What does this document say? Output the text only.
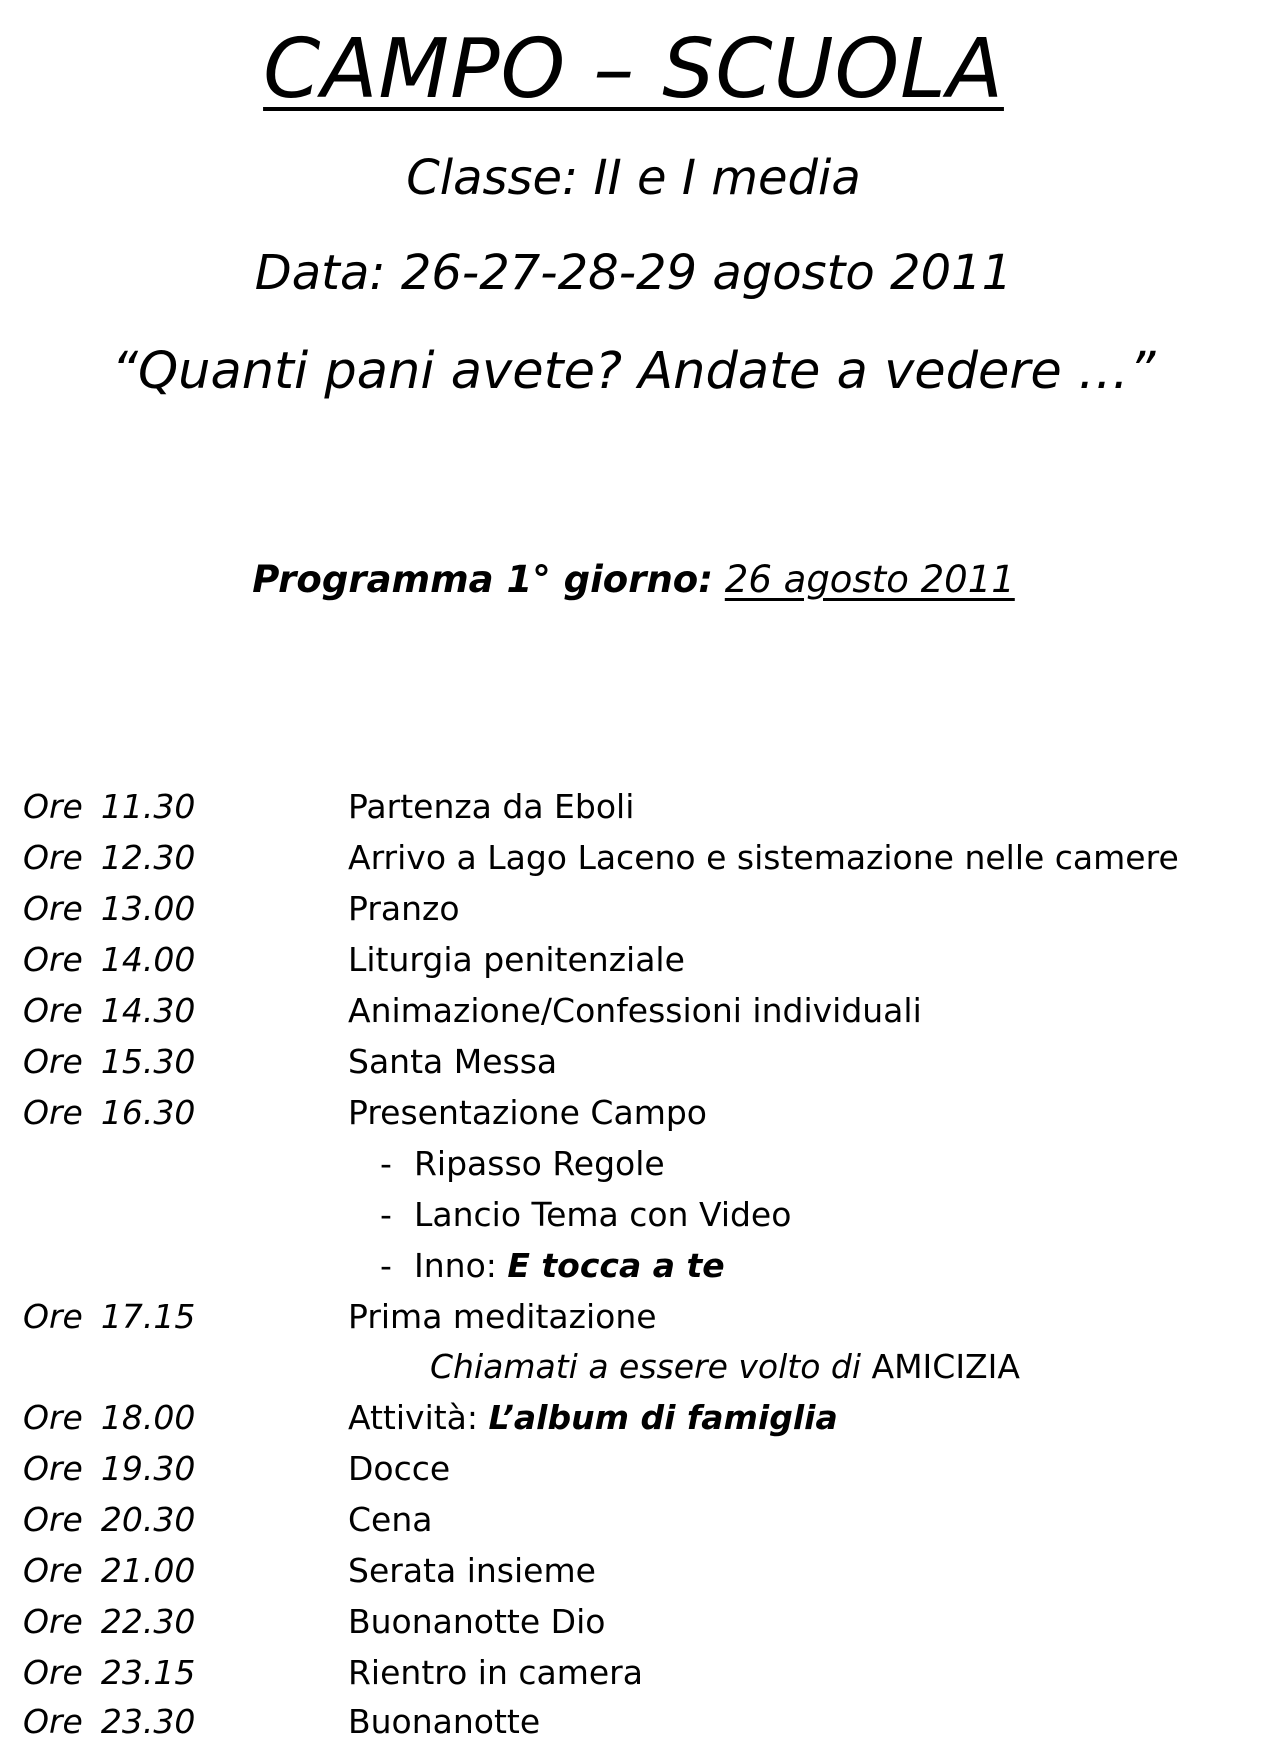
CAMPO – SCUOLA
Classe: II e I media
Data: 26-27-28-29 agosto 2011
“Quanti pani avete? Andate a vedere …”
Programma 1° giorno: 26 agosto 2011
Ore 11.30	Partenza da Eboli
Ore 12.30	Arrivo a Lago Laceno e sistemazione nelle camere
Ore 13.00	Pranzo
Ore 14.00	Liturgia penitenziale
Ore 14.30	Animazione/Confessioni individuali
Ore 15.30	Santa Messa
Ore 16.30	Presentazione Campo
- Ripasso Regole
- Lancio Tema con Video
- Inno: E tocca a te
Ore 17.15	Prima meditazione
Chiamati a essere volto di AMICIZIA
Ore 18.00	Attività: L’album di famiglia
Ore 19.30	Docce
Ore 20.30	Cena
Ore 21.00	Serata insieme
Ore 22.30	Buonanotte Dio
Ore 23.15	Rientro in camera
Ore 23.30	Buonanotte
